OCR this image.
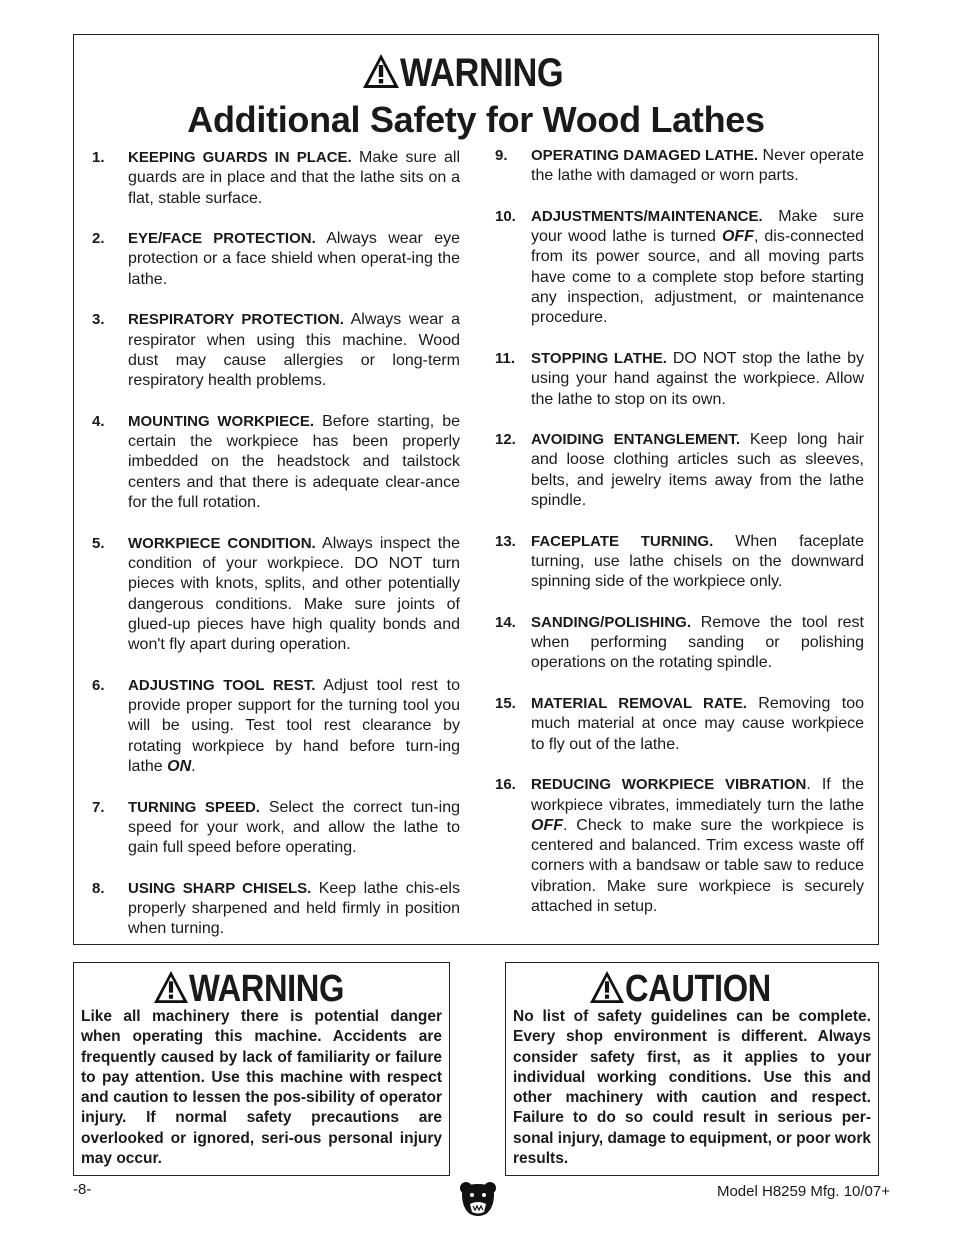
WARNING
Additional Safety for Wood Lathes
1.	KEEPING GUARDS IN PLACE. Make sure all guards are in place and that the lathe sits on a flat, stable surface.
2.	EYE/FACE PROTECTION. Always wear eye protection or a face shield when operat-ing the lathe.
3.	RESPIRATORY PROTECTION. Always wear a respirator when using this machine. Wood dust may cause allergies or long-term respiratory health problems.
4.	MOUNTING WORKPIECE. Before starting, be certain the workpiece has been properly imbedded on the headstock and tailstock centers and that there is adequate clear-ance for the full rotation.
5.	WORKPIECE CONDITION. Always inspect the condition of your workpiece. DO NOT turn pieces with knots, splits, and other potentially dangerous conditions. Make sure joints of glued-up pieces have high quality bonds and won't fly apart during operation.
6.	ADJUSTING TOOL REST. Adjust tool rest to provide proper support for the turning tool you will be using. Test tool rest clearance by rotating workpiece by hand before turn-ing lathe ON.
7.	TURNING SPEED. Select the correct tun-ing speed for your work, and allow the lathe to gain full speed before operating.
8.	USING SHARP CHISELS. Keep lathe chis-els properly sharpened and held firmly in position when turning.
9.	OPERATING DAMAGED LATHE. Never operate the lathe with damaged or worn parts.
10.	ADJUSTMENTS/MAINTENANCE. Make sure your wood lathe is turned OFF, dis-connected from its power source, and all moving parts have come to a complete stop before starting any inspection, adjustment, or maintenance procedure.
11.	STOPPING LATHE. DO NOT stop the lathe by using your hand against the workpiece. Allow the lathe to stop on its own.
12.	AVOIDING ENTANGLEMENT. Keep long hair and loose clothing articles such as sleeves, belts, and jewelry items away from the lathe spindle.
13.	FACEPLATE TURNING. When faceplate turning, use lathe chisels on the downward spinning side of the workpiece only.
14.	SANDING/POLISHING. Remove the tool rest when performing sanding or polishing operations on the rotating spindle.
15.	MATERIAL REMOVAL RATE. Removing too much material at once may cause workpiece to fly out of the lathe.
16.	REDUCING WORKPIECE VIBRATION. If the workpiece vibrates, immediately turn the lathe OFF. Check to make sure the workpiece is centered and balanced. Trim excess waste off corners with a bandsaw or table saw to reduce vibration. Make sure workpiece is securely attached in setup.
WARNING
Like all machinery there is potential danger when operating this machine. Accidents are frequently caused by lack of familiarity or failure to pay attention. Use this machine with respect and caution to lessen the pos-sibility of operator injury. If normal safety precautions are overlooked or ignored, seri-ous personal injury may occur.
CAUTION
No list of safety guidelines can be complete. Every shop environment is different. Always consider safety first, as it applies to your individual working conditions. Use this and other machinery with caution and respect. Failure to do so could result in serious per-sonal injury, damage to equipment, or poor work results.
-8-	Model H8259 Mfg. 10/07+
